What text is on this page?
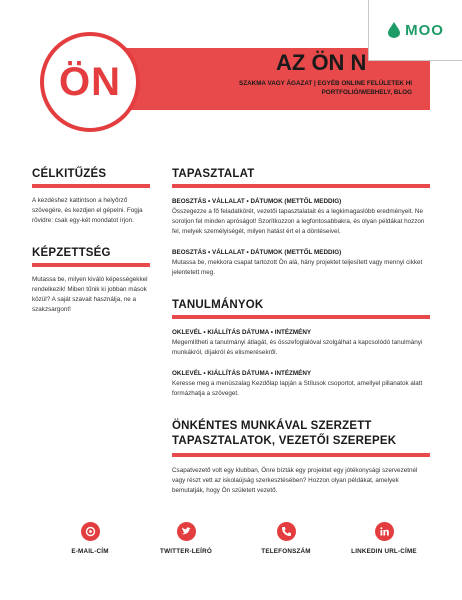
ÖN	AZ ÖN N
SZAKMA VAGY ÁGAZAT | EGYÉB ONLINE FELÜLETEK HI
PORTFOLIÓ/WEBHELY, BLOG
MOO
CÉLKITŰZÉS
A kezdéshez kattintson a helyőrző szövegére, és kezdjen el gépelni. Fogja rövidre: csak egy-két mondatot írjon.
KÉPZETTSÉG
Mutassa be, milyen kiváló képességekkel rendelkezik! Miben tűnik ki jobban mások közül? A saját szavait használja, ne a szakzsargont!
TAPASZTALAT
BEOSZTÁS • VÁLLALAT • DÁTUMOK (METTŐL MEDDIG)
Összegezze a fő feladatkörét, vezetői tapasztalatait és a legkimagaslóbb eredményeit. Ne soroljon fel minden apróságot! Szorítkozzon a legfontosabbakra, és olyan példákat hozzon fel, melyek személyiségét, milyen hatást ért el a döntéseivel.
BEOSZTÁS • VÁLLALAT • DÁTUMOK (METTŐL MEDDIG)
Mutassa be, mekkora csapat tartozott Ön alá, hány projektet teljesített vagy mennyi cikket jelentetett meg.
TANULMÁNYOK
OKLEVÉL • KIÁLLÍTÁS DÁTUMA • INTÉZMÉNY
Megemlítheti a tanulmányi átlagát, és összefoglalóval szolgálhat a kapcsolódó tanulmányi munkákról, díjakról és elismerésekről.
OKLEVÉL • KIÁLLÍTÁS DÁTUMA • INTÉZMÉNY
Keresse meg a menüszalag Kezdőlap lapján a Stílusok csoportot, amellyel pillanatok alatt formázhatja a szöveget.
ÖNKÉNTES MUNKÁVAL SZERZETT
TAPASZTALATOK, VEZETŐI SZEREPEK
Csapatvezető volt egy klubban, Önre bízták egy projektet egy jótékonysági szervezetnél vagy részt vett az iskolaújság szerkesztésében? Hozzon olyan példákat, amelyek bemutatják, hogy Ön született vezető.
E-MAIL-CÍM	TWITTER-LEÍRÓ	TELEFONSZÁM	LINKEDIN URL-CÍME
